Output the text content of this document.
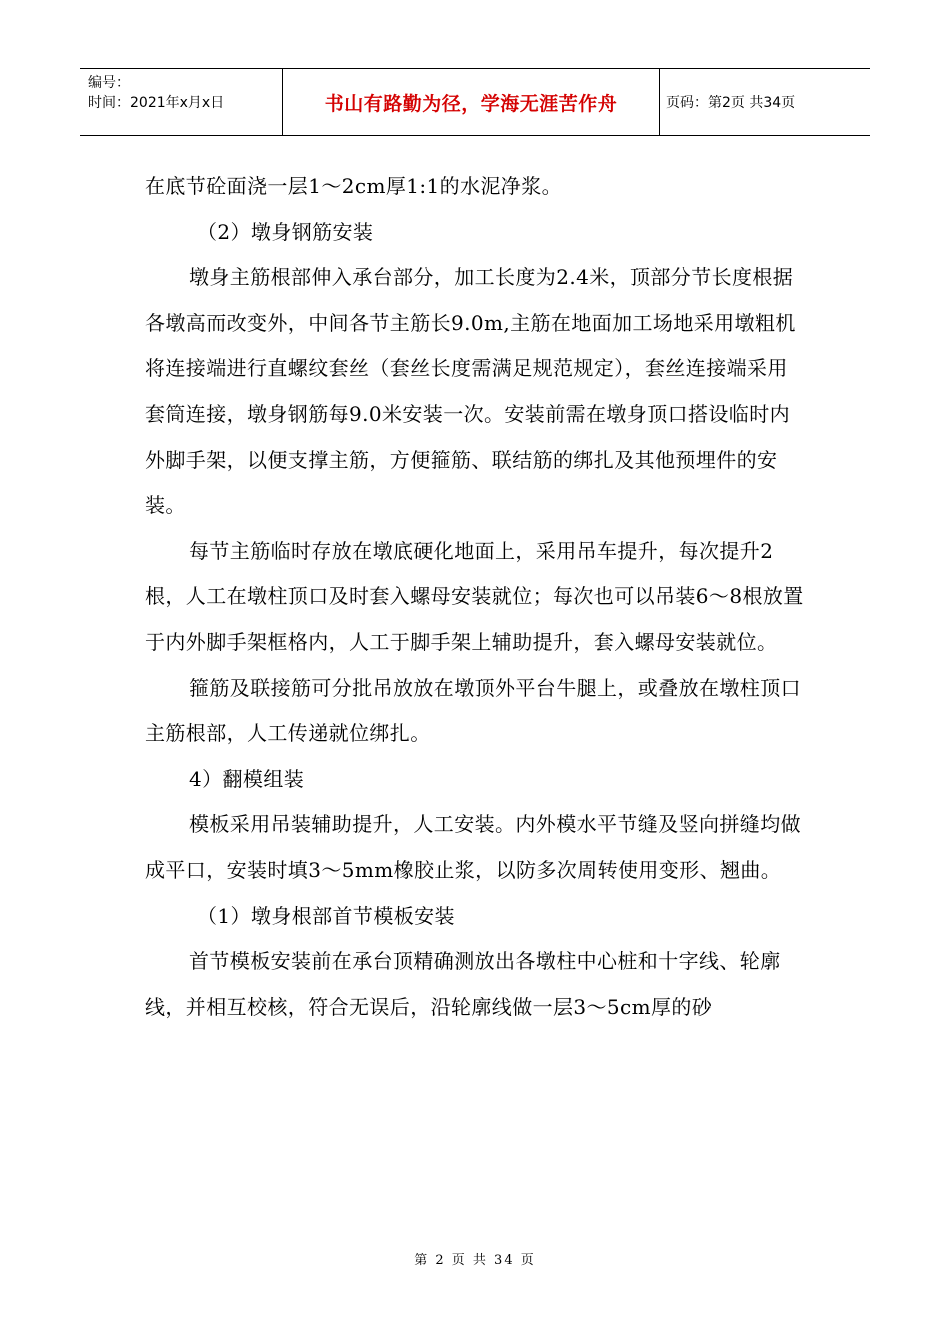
编号：
时间：2021年x月x日	书山有路勤为径，学海无涯苦作舟	页码：第2页 共34页

在底节砼面浇一层1～2cm厚1:1的水泥净浆。

（2）墩身钢筋安装

墩身主筋根部伸入承台部分，加工长度为2.4米，顶部分节长度根据各墩高而改变外，中间各节主筋长9.0m,主筋在地面加工场地采用墩粗机将连接端进行直螺纹套丝（套丝长度需满足规范规定），套丝连接端采用套筒连接，墩身钢筋每9.0米安装一次。安装前需在墩身顶口搭设临时内外脚手架，以便支撑主筋，方便箍筋、联结筋的绑扎及其他预埋件的安装。

每节主筋临时存放在墩底硬化地面上，采用吊车提升，每次提升2根，人工在墩柱顶口及时套入螺母安装就位；每次也可以吊装6～8根放置于内外脚手架框格内，人工于脚手架上辅助提升，套入螺母安装就位。

箍筋及联接筋可分批吊放放在墩顶外平台牛腿上，或叠放在墩柱顶口主筋根部，人工传递就位绑扎。

4）翻模组装

模板采用吊装辅助提升，人工安装。内外模水平节缝及竖向拼缝均做成平口，安装时填3～5mm橡胶止浆，以防多次周转使用变形、翘曲。

（1）墩身根部首节模板安装

首节模板安装前在承台顶精确测放出各墩柱中心桩和十字线、轮廓线，并相互校核，符合无误后，沿轮廓线做一层3～5cm厚的砂

第 2 页 共 34 页
